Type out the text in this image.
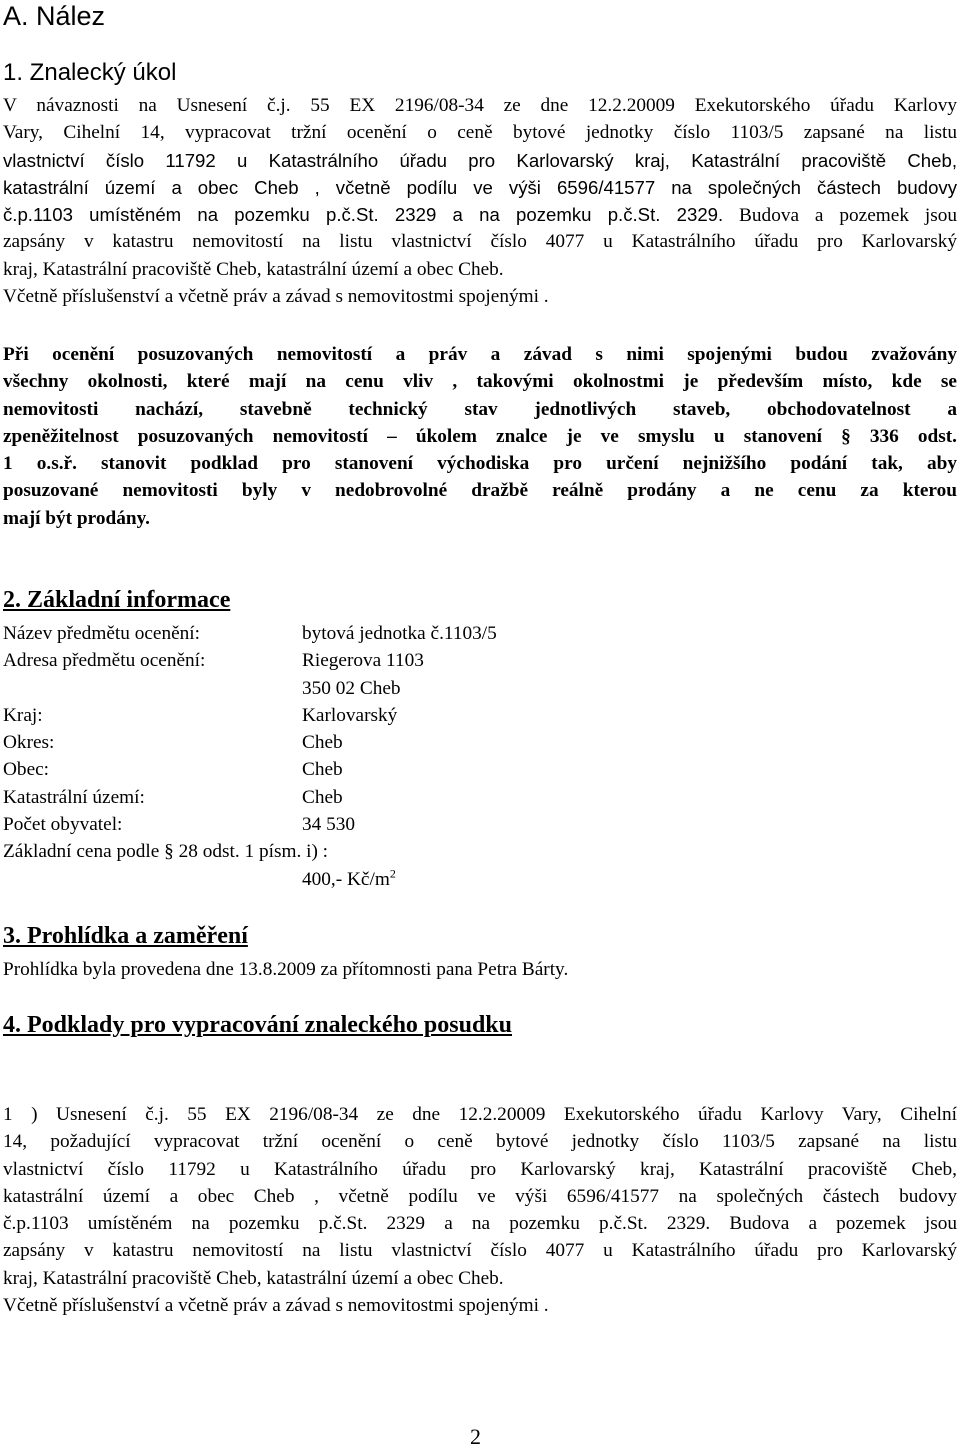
A. Nález
1. Znalecký úkol
V návaznosti na Usnesení č.j. 55 EX 2196/08-34 ze dne 12.2.20009 Exekutorského úřadu Karlovy
Vary, Cihelní 14, vypracovat tržní ocenění o ceně bytové jednotky číslo 1103/5 zapsané na listu
vlastnictví číslo 11792 u Katastrálního úřadu pro Karlovarský kraj, Katastrální pracoviště Cheb,
katastrální území a obec Cheb , včetně podílu ve výši 6596/41577 na společných částech budovy
č.p.1103 umístěném na pozemku p.č.St. 2329 a na pozemku p.č.St. 2329. Budova a pozemek jsou
zapsány v katastru nemovitostí na listu vlastnictví číslo 4077 u Katastrálního úřadu pro Karlovarský
kraj, Katastrální pracoviště Cheb, katastrální území a obec Cheb.
Včetně příslušenství a včetně práv a závad s nemovitostmi spojenými .
Při ocenění posuzovaných nemovitostí a práv a závad s nimi spojenými budou zvažovány
všechny okolnosti, které mají na cenu vliv , takovými okolnostmi je především místo, kde se
nemovitosti nachází, stavebně technický stav jednotlivých staveb, obchodovatelnost a
zpeněžitelnost posuzovaných nemovitostí – úkolem znalce je ve smyslu u stanovení § 336 odst.
1 o.s.ř. stanovit podklad pro stanovení východiska pro určení nejnižšího podání tak, aby
posuzované nemovitosti byly v nedobrovolné dražbě reálně prodány a ne cenu za kterou
mají být prodány.
2. Základní informace
Název předmětu ocenění:	bytová jednotka č.1103/5
Adresa předmětu ocenění:	Riegerova 1103
350 02 Cheb
Kraj:	Karlovarský
Okres:	Cheb
Obec:	Cheb
Katastrální území:	Cheb
Počet obyvatel:	34 530
Základní cena podle § 28 odst. 1 písm. i) :
400,- $Kč/m^2$
3. Prohlídka a zaměření
Prohlídka byla provedena dne 13.8.2009 za přítomnosti pana Petra Bárty.
4. Podklady pro vypracování znaleckého posudku
1 ) Usnesení č.j. 55 EX 2196/08-34 ze dne 12.2.20009 Exekutorského úřadu Karlovy Vary, Cihelní
14, požadující vypracovat tržní ocenění o ceně bytové jednotky číslo 1103/5 zapsané na listu
vlastnictví číslo 11792 u Katastrálního úřadu pro Karlovarský kraj, Katastrální pracoviště Cheb,
katastrální území a obec Cheb , včetně podílu ve výši 6596/41577 na společných částech budovy
č.p.1103 umístěném na pozemku p.č.St. 2329 a na pozemku p.č.St. 2329. Budova a pozemek jsou
zapsány v katastru nemovitostí na listu vlastnictví číslo 4077 u Katastrálního úřadu pro Karlovarský
kraj, Katastrální pracoviště Cheb, katastrální území a obec Cheb.
Včetně příslušenství a včetně práv a závad s nemovitostmi spojenými .
2
